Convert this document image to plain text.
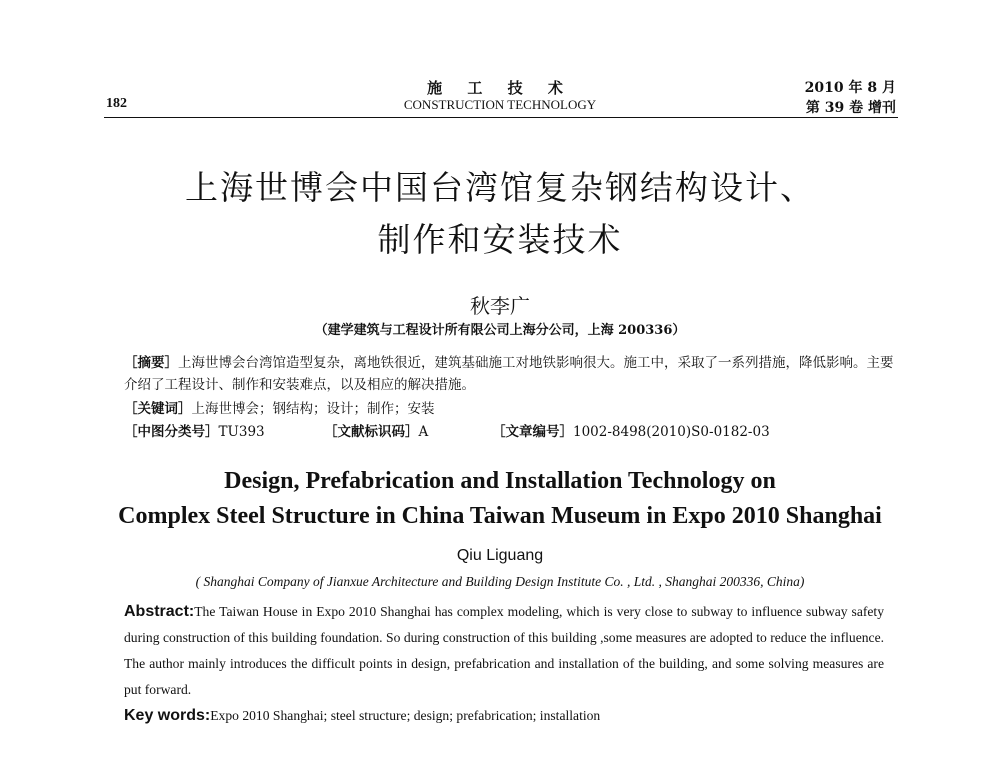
182
施 工 技 术
CONSTRUCTION TECHNOLOGY
2010 年 8 月
第 39 卷 增刊
上海世博会中国台湾馆复杂钢结构设计、
制作和安装技术
秋李广
（建学建筑与工程设计所有限公司上海分公司，上海 200336）
［摘要］上海世博会台湾馆造型复杂，离地铁很近，建筑基础施工对地铁影响很大。施工中，采取了一系列措施，降低影响。主要介绍了工程设计、制作和安装难点，以及相应的解决措施。
［关键词］上海世博会；钢结构；设计；制作；安装
［中图分类号］TU393	［文献标识码］A	［文章编号］1002-8498(2010)S0-0182-03
Design, Prefabrication and Installation Technology on
Complex Steel Structure in China Taiwan Museum in Expo 2010 Shanghai
Qiu Liguang
( Shanghai Company of Jianxue Architecture and Building Design Institute Co. , Ltd. , Shanghai 200336, China)
Abstract:The Taiwan House in Expo 2010 Shanghai has complex modeling, which is very close to subway to influence subway safety during construction of this building foundation. So during construction of this building ,some measures are adopted to reduce the influence. The author mainly introduces the difficult points in design, prefabrication and installation of the building, and some solving measures are put forward.
Key words:Expo 2010 Shanghai; steel structure; design; prefabrication; installation
